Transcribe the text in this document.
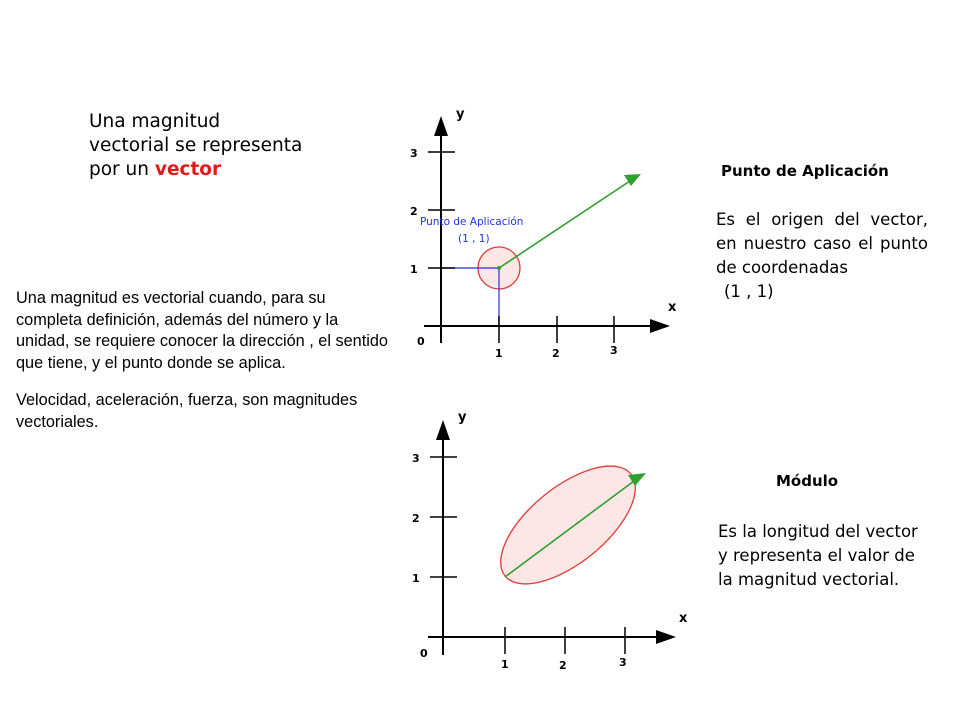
Una magnitud
vectorial se representa
por un vector

Una magnitud es vectorial cuando, para su completa definición, además del número y la unidad, se requiere conocer la dirección , el sentido que tiene, y el punto donde se aplica.

Velocidad, aceleración, fuerza, son magnitudes vectoriales.

y
x
0
1	2	3
1
2
3
Punto de Aplicación
(1 , 1)
y
x
0
1	2	3
1
2
3
Punto de Aplicación
Es el origen del vector, en nuestro caso el punto de coordenadas
(1 , 1)
Módulo
Es la longitud del vector y representa el valor de la magnitud vectorial.
